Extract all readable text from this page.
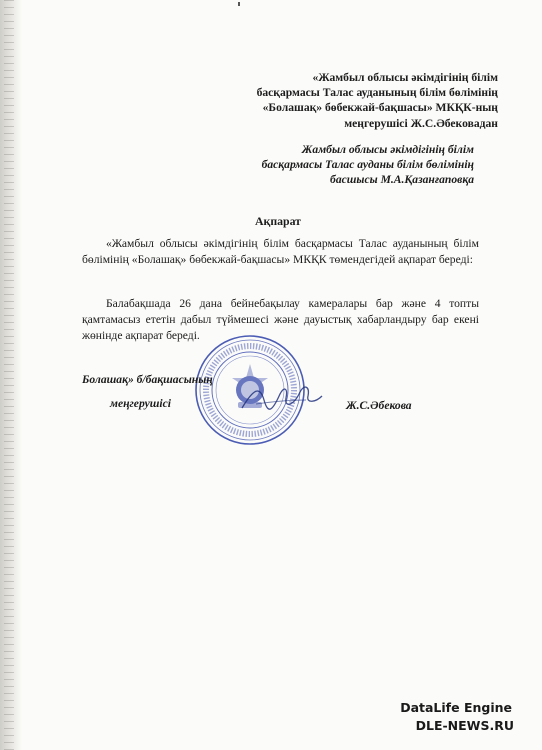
«Жамбыл облысы әкімдігінің білім
басқармасы Талас ауданының білім бөлімінің
«Болашақ» бөбекжай-бақшасы» МКҚК-ның
меңгерушісі Ж.С.Әбековадан
Жамбыл облысы әкімдігінің білім
басқармасы Талас ауданы білім бөлімінің
басшысы М.А.Қазанғаповқа
Ақпарат
«Жамбыл облысы әкімдігінің білім басқармасы Талас ауданының білім бөлімінің «Болашақ» бөбекжай-бақшасы» МКҚК төмендегідей ақпарат береді:
Балабақшада 26 дана бейнебақылау камералары бар және 4 топты қамтамасыз ететін дабыл түймешесі және дауыстық хабарландыру бар екені жөнінде ақпарат береді.
Болашақ» б/бақшасының
меңгерушісі	Ж.С.Әбекова
DataLife Engine
DLE-NEWS.RU
